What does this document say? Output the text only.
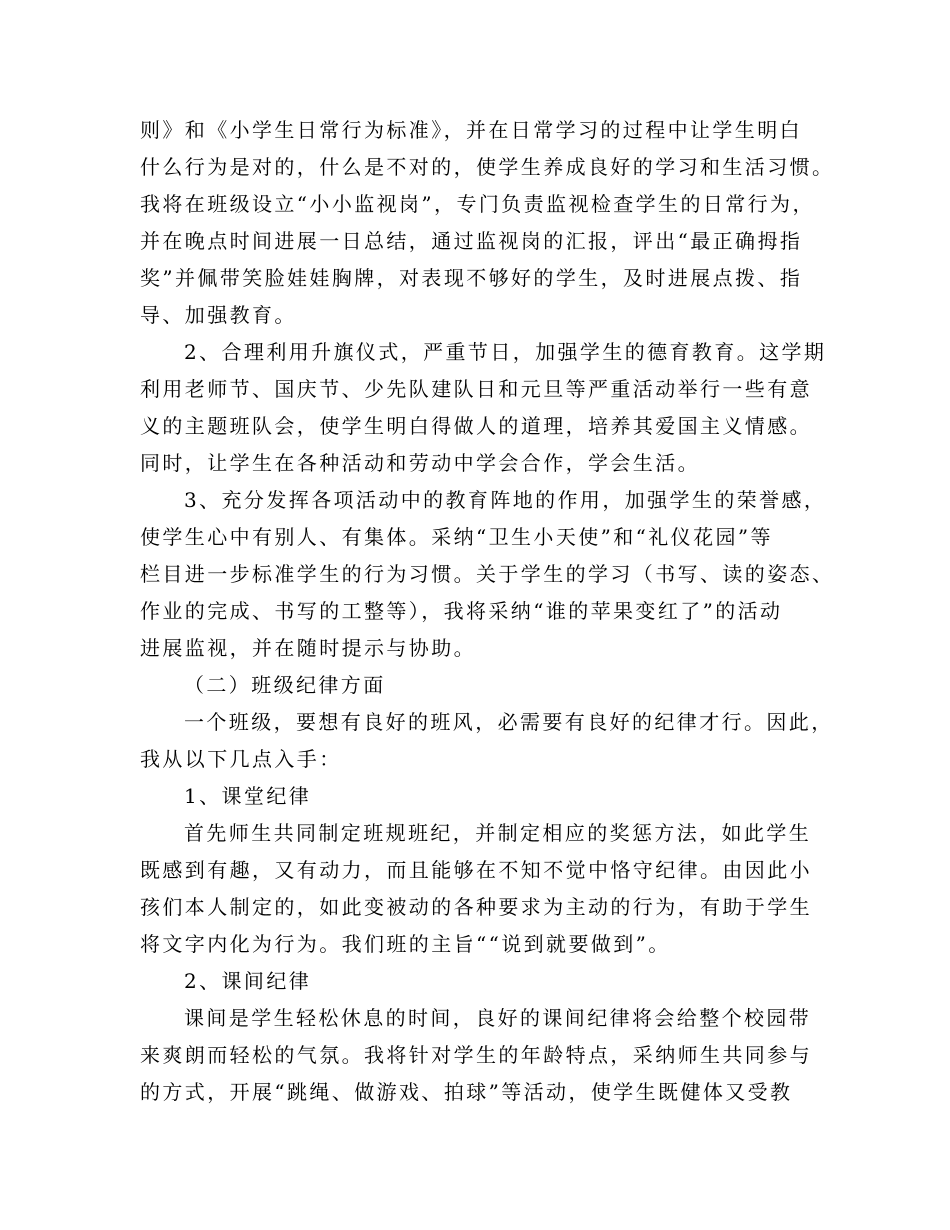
则》和《小学生日常行为标准》，并在日常学习的过程中让学生明白
什么行为是对的，什么是不对的，使学生养成良好的学习和生活习惯。
我将在班级设立“小小监视岗”，专门负责监视检查学生的日常行为，
并在晚点时间进展一日总结，通过监视岗的汇报，评出“最正确拇指
奖”并佩带笑脸娃娃胸牌，对表现不够好的学生，及时进展点拨、指
导、加强教育。
2、合理利用升旗仪式，严重节日，加强学生的德育教育。这学期
利用老师节、国庆节、少先队建队日和元旦等严重活动举行一些有意
义的主题班队会，使学生明白得做人的道理，培养其爱国主义情感。
同时，让学生在各种活动和劳动中学会合作，学会生活。
3、充分发挥各项活动中的教育阵地的作用，加强学生的荣誉感，
使学生心中有别人、有集体。采纳“卫生小天使”和“礼仪花园”等
栏目进一步标准学生的行为习惯。关于学生的学习（书写、读的姿态、
作业的完成、书写的工整等），我将采纳“谁的苹果变红了”的活动
进展监视，并在随时提示与协助。
（二）班级纪律方面
一个班级，要想有良好的班风，必需要有良好的纪律才行。因此，
我从以下几点入手：
1、课堂纪律
首先师生共同制定班规班纪，并制定相应的奖惩方法，如此学生
既感到有趣，又有动力，而且能够在不知不觉中恪守纪律。由因此小
孩们本人制定的，如此变被动的各种要求为主动的行为，有助于学生
将文字内化为行为。我们班的主旨““说到就要做到”。
2、课间纪律
课间是学生轻松休息的时间，良好的课间纪律将会给整个校园带
来爽朗而轻松的气氛。我将针对学生的年龄特点，采纳师生共同参与
的方式，开展“跳绳、做游戏、拍球”等活动，使学生既健体又受教
